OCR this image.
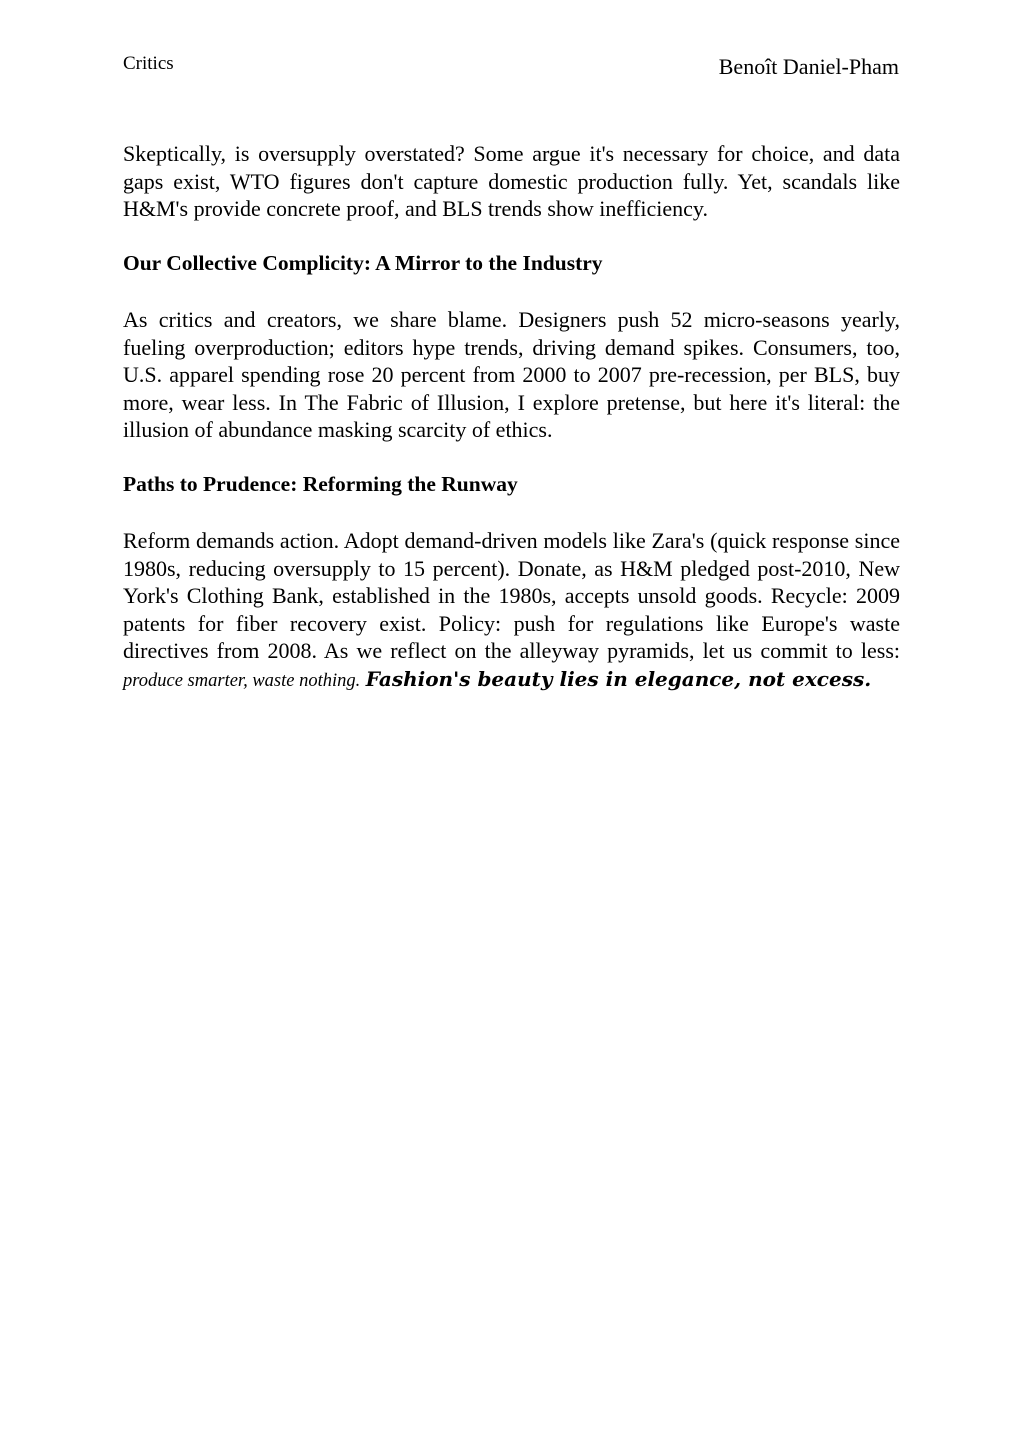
Critics	Benoît Daniel-Pham

Skeptically, is oversupply overstated? Some argue it's necessary for choice, and data gaps exist, WTO figures don't capture domestic production fully. Yet, scandals like H&M's provide concrete proof, and BLS trends show inefficiency.

Our Collective Complicity: A Mirror to the Industry

As critics and creators, we share blame. Designers push 52 micro-seasons yearly, fueling overproduction; editors hype trends, driving demand spikes. Consumers, too, U.S. apparel spending rose 20 percent from 2000 to 2007 pre-recession, per BLS, buy more, wear less. In The Fabric of Illusion, I explore pretense, but here it's literal: the illusion of abundance masking scarcity of ethics.

Paths to Prudence: Reforming the Runway

Reform demands action. Adopt demand-driven models like Zara's (quick response since 1980s, reducing oversupply to 15 percent). Donate, as H&M pledged post-2010, New York's Clothing Bank, established in the 1980s, accepts unsold goods. Recycle: 2009 patents for fiber recovery exist. Policy: push for regulations like Europe's waste directives from 2008. As we reflect on the alleyway pyramids, let us commit to less: produce smarter, waste nothing. Fashion's beauty lies in elegance, not excess.
